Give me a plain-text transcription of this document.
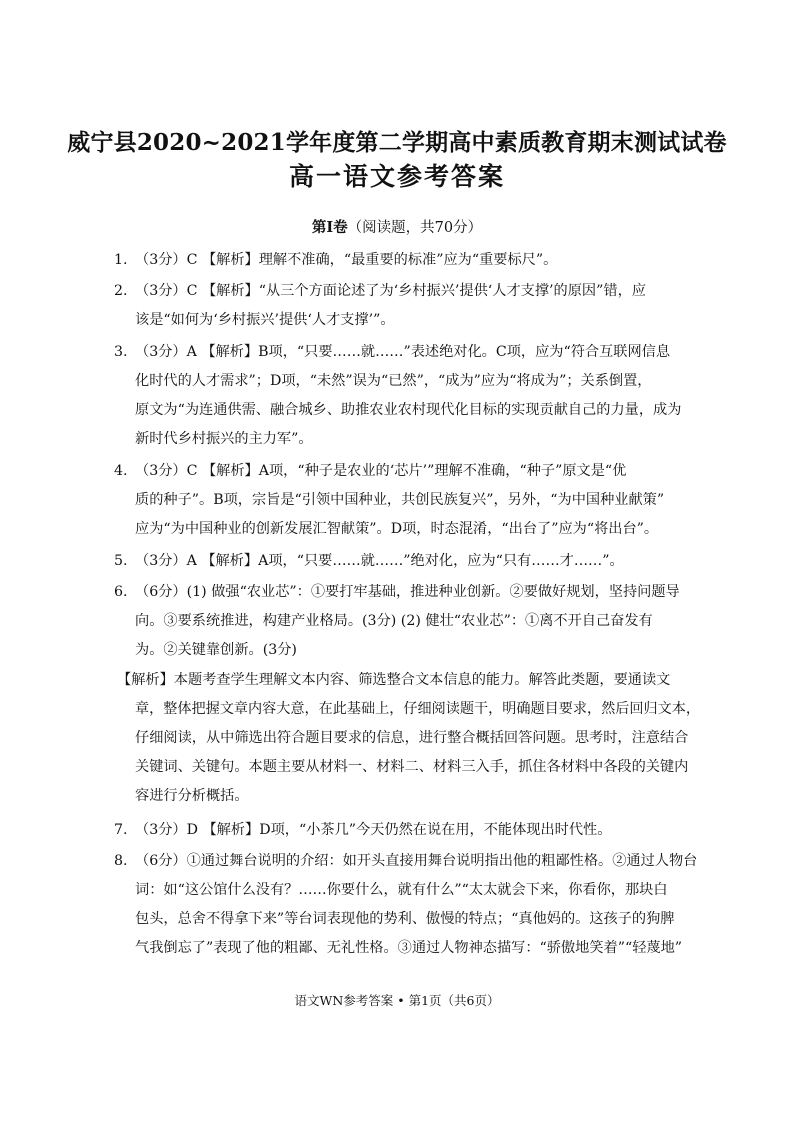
威宁县2020~2021学年度第二学期高中素质教育期末测试试卷
高一语文参考答案
第Ⅰ卷（阅读题，共70分）
1. （3分）C 【解析】理解不准确，“最重要的标准”应为“重要标尺”。
2. （3分）C 【解析】“从三个方面论述了为‘乡村振兴’提供‘人才支撑’的原因”错，应
该是“如何为‘乡村振兴’提供‘人才支撑’”。
3. （3分）A 【解析】B项，“只要……就……”表述绝对化。C项，应为“符合互联网信息
化时代的人才需求”；D项，“未然”误为“已然”，“成为”应为“将成为”；关系倒置，
原文为“为连通供需、融合城乡、助推农业农村现代化目标的实现贡献自己的力量，成为
新时代乡村振兴的主力军”。
4. （3分）C 【解析】A项，“种子是农业的‘芯片’”理解不准确，“种子”原文是“优
质的种子”。B项，宗旨是“引领中国种业，共创民族复兴”，另外，“为中国种业献策”
应为“为中国种业的创新发展汇智献策”。D项，时态混淆，“出台了”应为“将出台”。
5. （3分）A 【解析】A项，“只要……就……”绝对化，应为“只有……才……”。
6. （6分）(1) 做强“农业芯”：①要打牢基础，推进种业创新。②要做好规划，坚持问题导
向。③要系统推进，构建产业格局。(3分) (2) 健壮“农业芯”：①离不开自己奋发有
为。②关键靠创新。(3分)
【解析】本题考查学生理解文本内容、筛选整合文本信息的能力。解答此类题，要通读文
章，整体把握文章内容大意，在此基础上，仔细阅读题干，明确题目要求，然后回归文本，
仔细阅读，从中筛选出符合题目要求的信息，进行整合概括回答问题。思考时，注意结合
关键词、关键句。本题主要从材料一、材料二、材料三入手，抓住各材料中各段的关键内
容进行分析概括。
7. （3分）D 【解析】D项，“小茶几”今天仍然在说在用，不能体现出时代性。
8. （6分）①通过舞台说明的介绍：如开头直接用舞台说明指出他的粗鄙性格。②通过人物台
词：如“这公馆什么没有？……你要什么，就有什么”“太太就会下来，你看你，那块白
包头，总舍不得拿下来”等台词表现他的势利、傲慢的特点；“真他妈的。这孩子的狗脾
气我倒忘了”表现了他的粗鄙、无礼性格。③通过人物神态描写：“骄傲地笑着”“轻蔑地”
语文WN参考答案 • 第1页（共6页）
